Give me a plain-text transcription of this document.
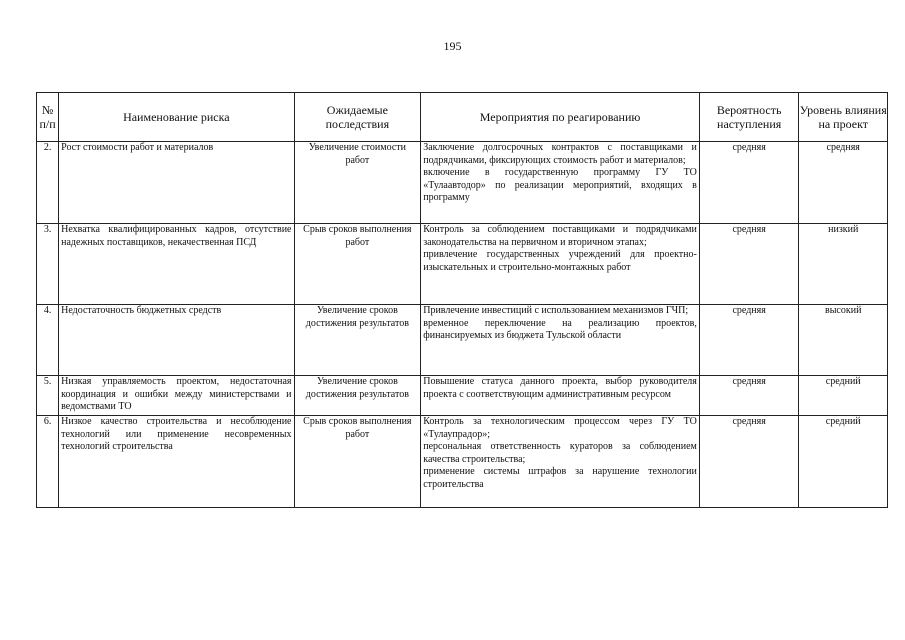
195
№ п/п	Наименование риска	Ожидаемые последствия	Мероприятия по реагированию	Вероятность наступления	Уровень влияния на проект
2.	Рост стоимости работ и материалов	Увеличение стоимости работ	Заключение долгосрочных контрактов с поставщиками и подрядчиками, фиксирующих стоимость работ и материалов;
включение в государственную программу ГУ ТО «Тулаавтодор» по реализации мероприятий, входящих в программу	средняя	средняя
3.	Нехватка квалифицированных кадров, отсутствие надежных поставщиков, некачественная ПСД	Срыв сроков выполнения работ	Контроль за соблюдением поставщиками и подрядчиками законодательства на первичном и вторичном этапах;
привлечение государственных учреждений для проектно-изыскательных и строительно-монтажных работ	средняя	низкий
4.	Недостаточность бюджетных средств	Увеличение сроков достижения результатов	Привлечение инвестиций с использованием механизмов ГЧП;
временное переключение на реализацию проектов, финансируемых из бюджета Тульской области	средняя	высокий
5.	Низкая управляемость проектом, недостаточная координация и ошибки между министерствами и ведомствами ТО	Увеличение сроков достижения результатов	Повышение статуса данного проекта, выбор руководителя проекта с соответствующим административным ресурсом	средняя	средний
6.	Низкое качество строительства и несоблюдение технологий или применение несовременных технологий строительства	Срыв сроков выполнения работ	Контроль за технологическим процессом через ГУ ТО «Тулаупрадор»;
персональная ответственность кураторов за соблюдением качества строительства;
применение системы штрафов за нарушение технологии строительства	средняя	средний
